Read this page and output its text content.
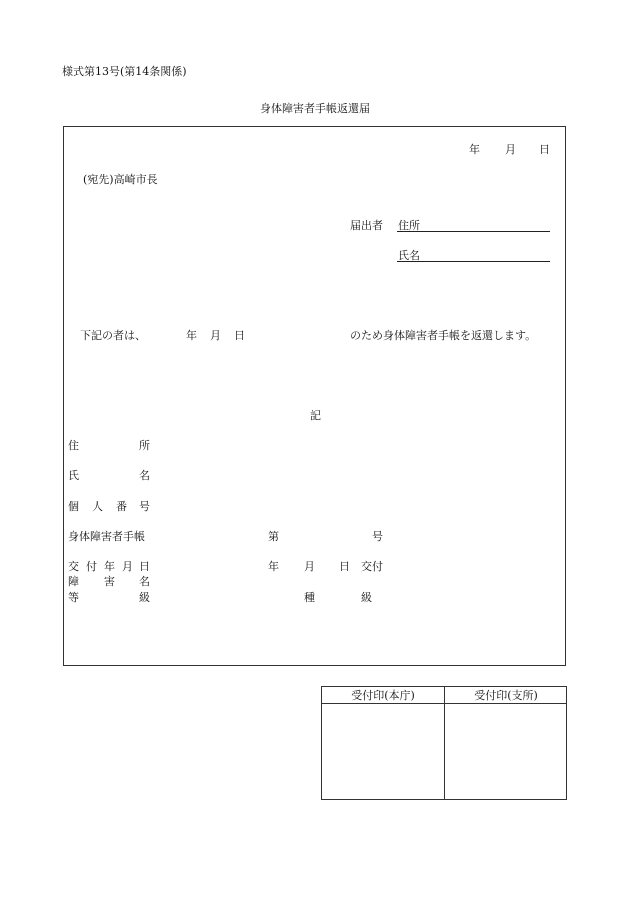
様式第13号(第14条関係)
身体障害者手帳返還届
年 月 日
(宛先)高崎市長
届出者 住所
氏名
下記の者は、	年 月 日	のため身体障害者手帳を返還します。
記
住	所
氏	名
個 人 番 号
身体障害者手帳	第	号
交 付 年 月 日	年 月 日 交付
障 害 名
等	級	種	級
受付印(本庁)	受付印(支所)
